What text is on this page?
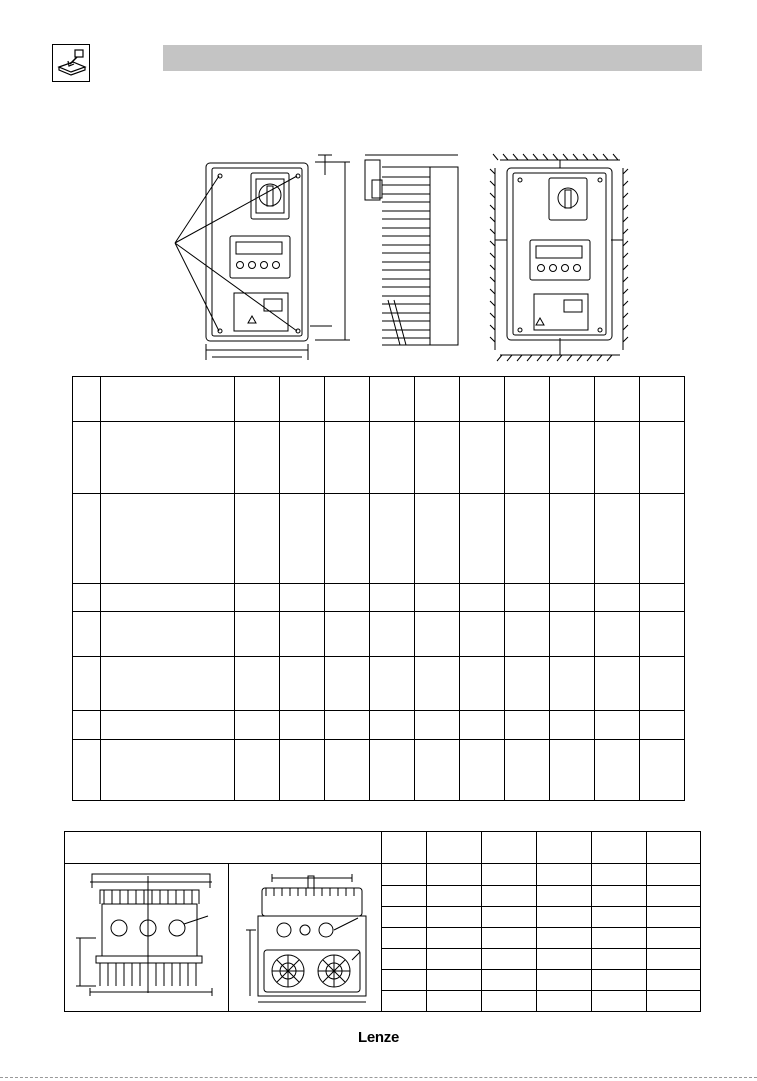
Lenze
